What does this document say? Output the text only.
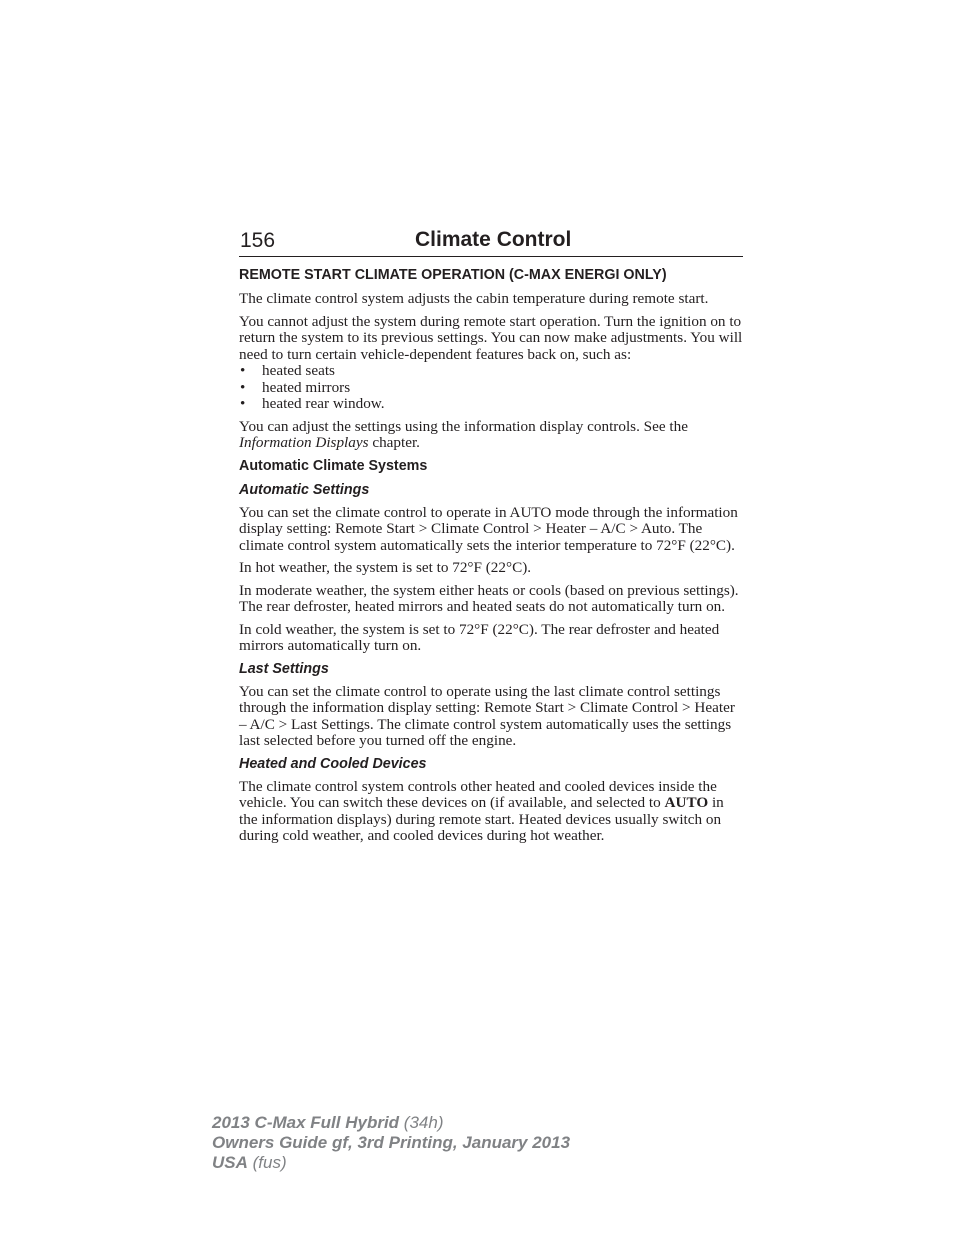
156	Climate Control
REMOTE START CLIMATE OPERATION (C-MAX ENERGI ONLY)

The climate control system adjusts the cabin temperature during remote start.

You cannot adjust the system during remote start operation. Turn the ignition on to return the system to its previous settings. You can now make adjustments. You will need to turn certain vehicle-dependent features back on, such as:

• heated seats
• heated mirrors
• heated rear window.

You can adjust the settings using the information display controls. See the Information Displays chapter.

Automatic Climate Systems
Automatic Settings

You can set the climate control to operate in AUTO mode through the information display setting: Remote Start > Climate Control > Heater – A/C > Auto. The climate control system automatically sets the interior temperature to 72°F (22°C).

In hot weather, the system is set to 72°F (22°C).

In moderate weather, the system either heats or cools (based on previous settings). The rear defroster, heated mirrors and heated seats do not automatically turn on.

In cold weather, the system is set to 72°F (22°C). The rear defroster and heated mirrors automatically turn on.

Last Settings

You can set the climate control to operate using the last climate control settings through the information display setting: Remote Start > Climate Control > Heater – A/C > Last Settings. The climate control system automatically uses the settings last selected before you turned off the engine.

Heated and Cooled Devices

The climate control system controls other heated and cooled devices inside the vehicle. You can switch these devices on (if available, and selected to AUTO in the information displays) during remote start. Heated devices usually switch on during cold weather, and cooled devices during hot weather.

2013 C-Max Full Hybrid (34h)
Owners Guide gf, 3rd Printing, January 2013
USA (fus)
